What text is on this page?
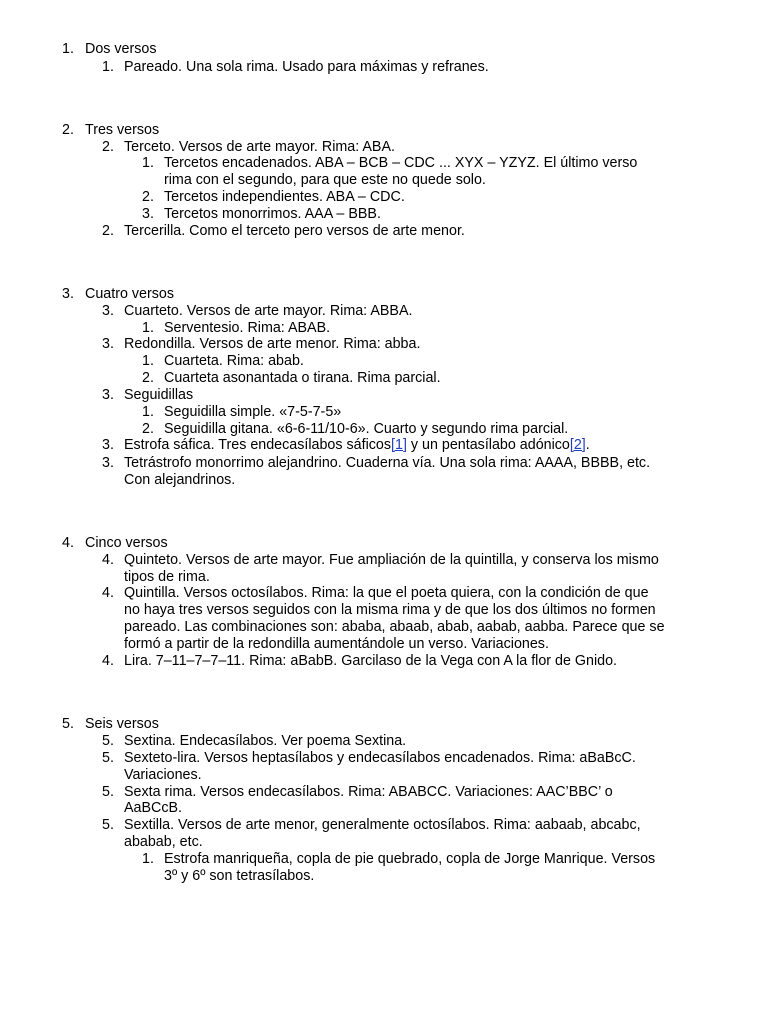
1. Dos versos
1. Pareado. Una sola rima. Usado para máximas y refranes.
2. Tres versos
2. Terceto. Versos de arte mayor. Rima: ABA.
1. Tercetos encadenados. ABA – BCB – CDC ... XYX – YZYZ. El último verso
rima con el segundo, para que este no quede solo.
2. Tercetos independientes. ABA – CDC.
3. Tercetos monorrimos. AAA – BBB.
2. Tercerilla. Como el terceto pero versos de arte menor.
3. Cuatro versos
3. Cuarteto. Versos de arte mayor. Rima: ABBA.
1. Serventesio. Rima: ABAB.
3. Redondilla. Versos de arte menor. Rima: abba.
1. Cuarteta. Rima: abab.
2. Cuarteta asonantada o tirana. Rima parcial.
3. Seguidillas
1. Seguidilla simple. «7-5-7-5»
2. Seguidilla gitana. «6-6-11/10-6». Cuarto y segundo rima parcial.
3. Estrofa sáfica. Tres endecasílabos sáficos[1] y un pentasílabo adónico[2].
3. Tetrástrofo monorrimo alejandrino. Cuaderna vía. Una sola rima: AAAA, BBBB, etc.
Con alejandrinos.
4. Cinco versos
4. Quinteto. Versos de arte mayor. Fue ampliación de la quintilla, y conserva los mismo
tipos de rima.
4. Quintilla. Versos octosílabos. Rima: la que el poeta quiera, con la condición de que
no haya tres versos seguidos con la misma rima y de que los dos últimos no formen
pareado. Las combinaciones son: ababa, abaab, abab, aabab, aabba. Parece que se
formó a partir de la redondilla aumentándole un verso. Variaciones.
4. Lira. 7–11–7–7–11. Rima: aBabB. Garcilaso de la Vega con A la flor de Gnido.
5. Seis versos
5. Sextina. Endecasílabos. Ver poema Sextina.
5. Sexteto-lira. Versos heptasílabos y endecasílabos encadenados. Rima: aBaBcC.
Variaciones.
5. Sexta rima. Versos endecasílabos. Rima: ABABCC. Variaciones: AAC’BBC’ o
AaBCcB.
5. Sextilla. Versos de arte menor, generalmente octosílabos. Rima: aabaab, abcabc,
ababab, etc.
1. Estrofa manriqueña, copla de pie quebrado, copla de Jorge Manrique. Versos
3º y 6º son tetrasílabos.
